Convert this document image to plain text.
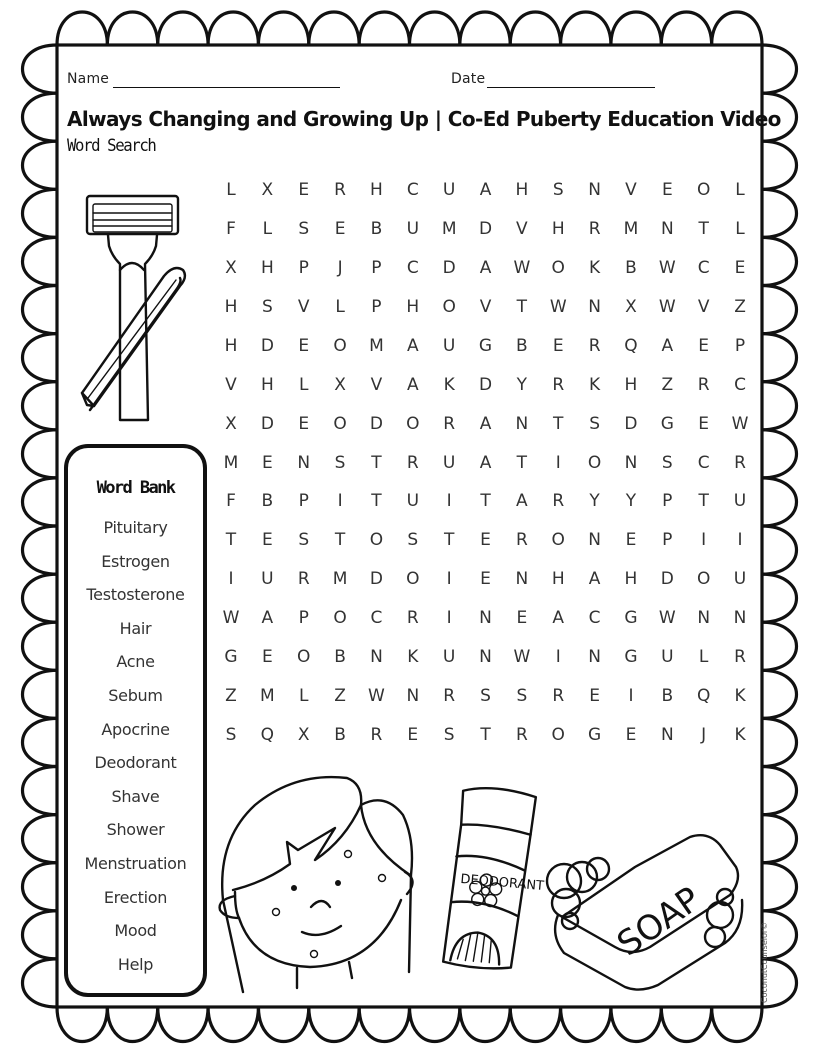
Name	Date
Always Changing and Growing Up | Co-Ed Puberty Education Video
Word Search
L	X E R H C U A H S N V E O	L
F	L	S E B U M D V H R M N T	L
X H P	J	P C D A W O K B W C E
H S V	L	P H O V T W N X W V Z
H D E O M A U G B E R Q A E P
V H	L	X V A K D Y R K H Z R C
X D E O D O R A N T S D G E W
M E N S T R U A T	I	O N S C R
F	B P	I	T U	I	T A R Y Y P T U
T E S T O S T E R O N E P	I	I
I	U R M D O	I	E N H A H D O U
W A P O C R	I	N E A C G W N N
G E O B N K U N W	I	N G U	L	R
Z M	L	Z W N R S S R E	I	B Q K
S Q X B R E S T R O G E N	J	K
Word Bank
Pituitary
Estrogen
Testosterone
Hair
Acne
Sebum
Apocrine
Deodorant
Shave
Shower
Menstruation
Erection
Mood
Help
DEODORANT SOAP	CoconutCounselor©
